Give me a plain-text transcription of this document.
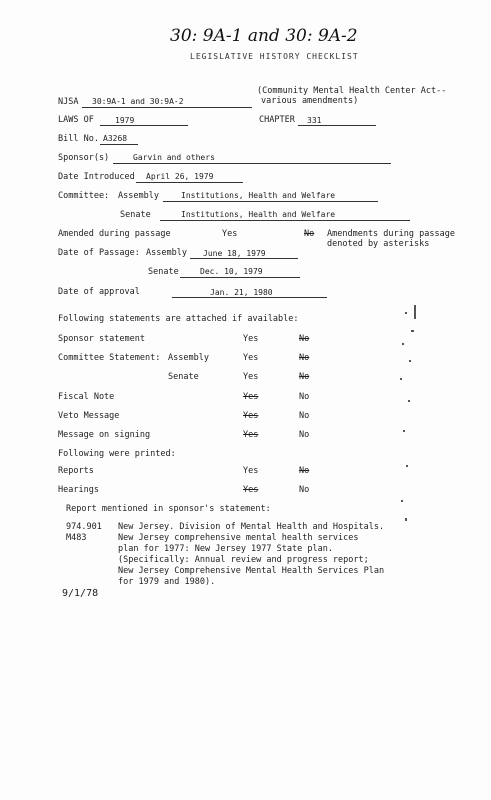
30: 9A-1 and 30: 9A-2
LEGISLATIVE HISTORY CHECKLIST
NJSA 30:9A-1 and 30:9A-2
(Community Mental Health Center Act--
various amendments)
LAWS OF	1979	CHAPTER 331
Bill No. A3268
Sponsor(s)	Garvin and others
Date Introduced April 26, 1979
Committee: Assembly	Institutions, Health and Welfare
Senate	Institutions, Health and Welfare
Amended during passage	Yes	No Amendments during passage
denoted by asterisks
Date of Passage: Assembly June 18, 1979
Senate	Dec. 10, 1979
Date of approval	Jan. 21, 1980
Following statements are attached if available:
Sponsor statement	Yes	No
Committee Statement: Assembly	Yes	No
Senate	Yes	No
Fiscal Note	Yes	No
Veto Message	Yes	No
Message on signing	Yes	No
Following were printed:
Reports	Yes	No
Hearings	Yes	No
Report mentioned in sponsor's statement:
974.901
M483
New Jersey. Division of Mental Health and Hospitals.
New Jersey comprehensive mental health services
plan for 1977: New Jersey 1977 State plan.
(Specifically: Annual review and progress report;
New Jersey Comprehensive Mental Health Services Plan
for 1979 and 1980).
9/1/78
